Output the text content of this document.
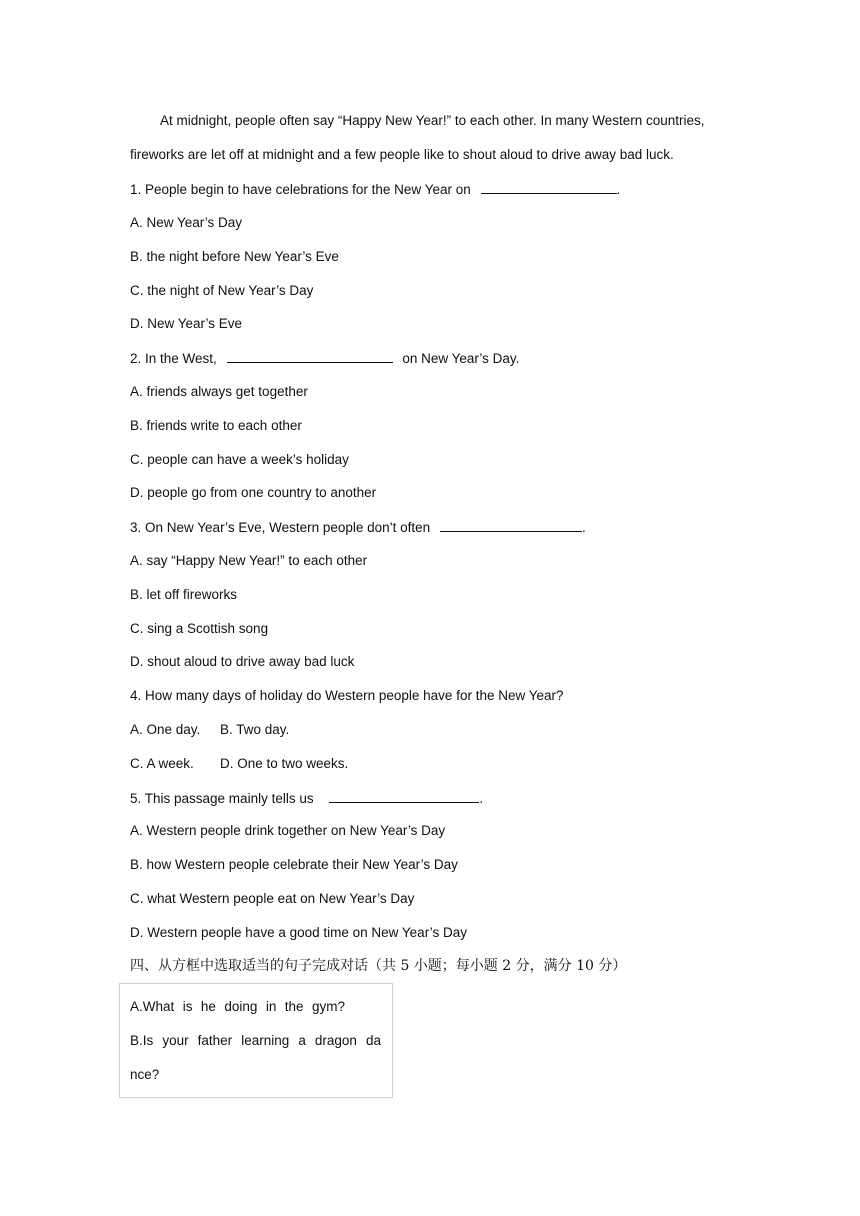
At midnight, people often say “Happy New Year!” to each other. In many Western countries,
fireworks are let off at midnight and a few people like to shout aloud to drive away bad luck.
1. People begin to have celebrations for the New Year on	.
A. New Year’s Day
B. the night before New Year’s Eve
C. the night of New Year’s Day
D. New Year’s Eve
2. In the West,	on New Year’s Day.
A. friends always get together
B. friends write to each other
C. people can have a week’s holiday
D. people go from one country to another
3. On New Year’s Eve, Western people don’t often	.
A. say “Happy New Year!” to each other
B. let off fireworks
C. sing a Scottish song
D. shout aloud to drive away bad luck
4. How many days of holiday do Western people have for the New Year?
A. One day. B. Two day.
C. A week. D. One to two weeks.
5. This passage mainly tells us	.
A. Western people drink together on New Year’s Day
B. how Western people celebrate their New Year’s Day
C. what Western people eat on New Year’s Day
D. Western people have a good time on New Year’s Day
四、从方框中选取适当的句子完成对话（共 5 小题；每小题 2 分，满分 10 分）
A.What is he doing in the gym?
B.Is your father learning a dragon da
nce?
